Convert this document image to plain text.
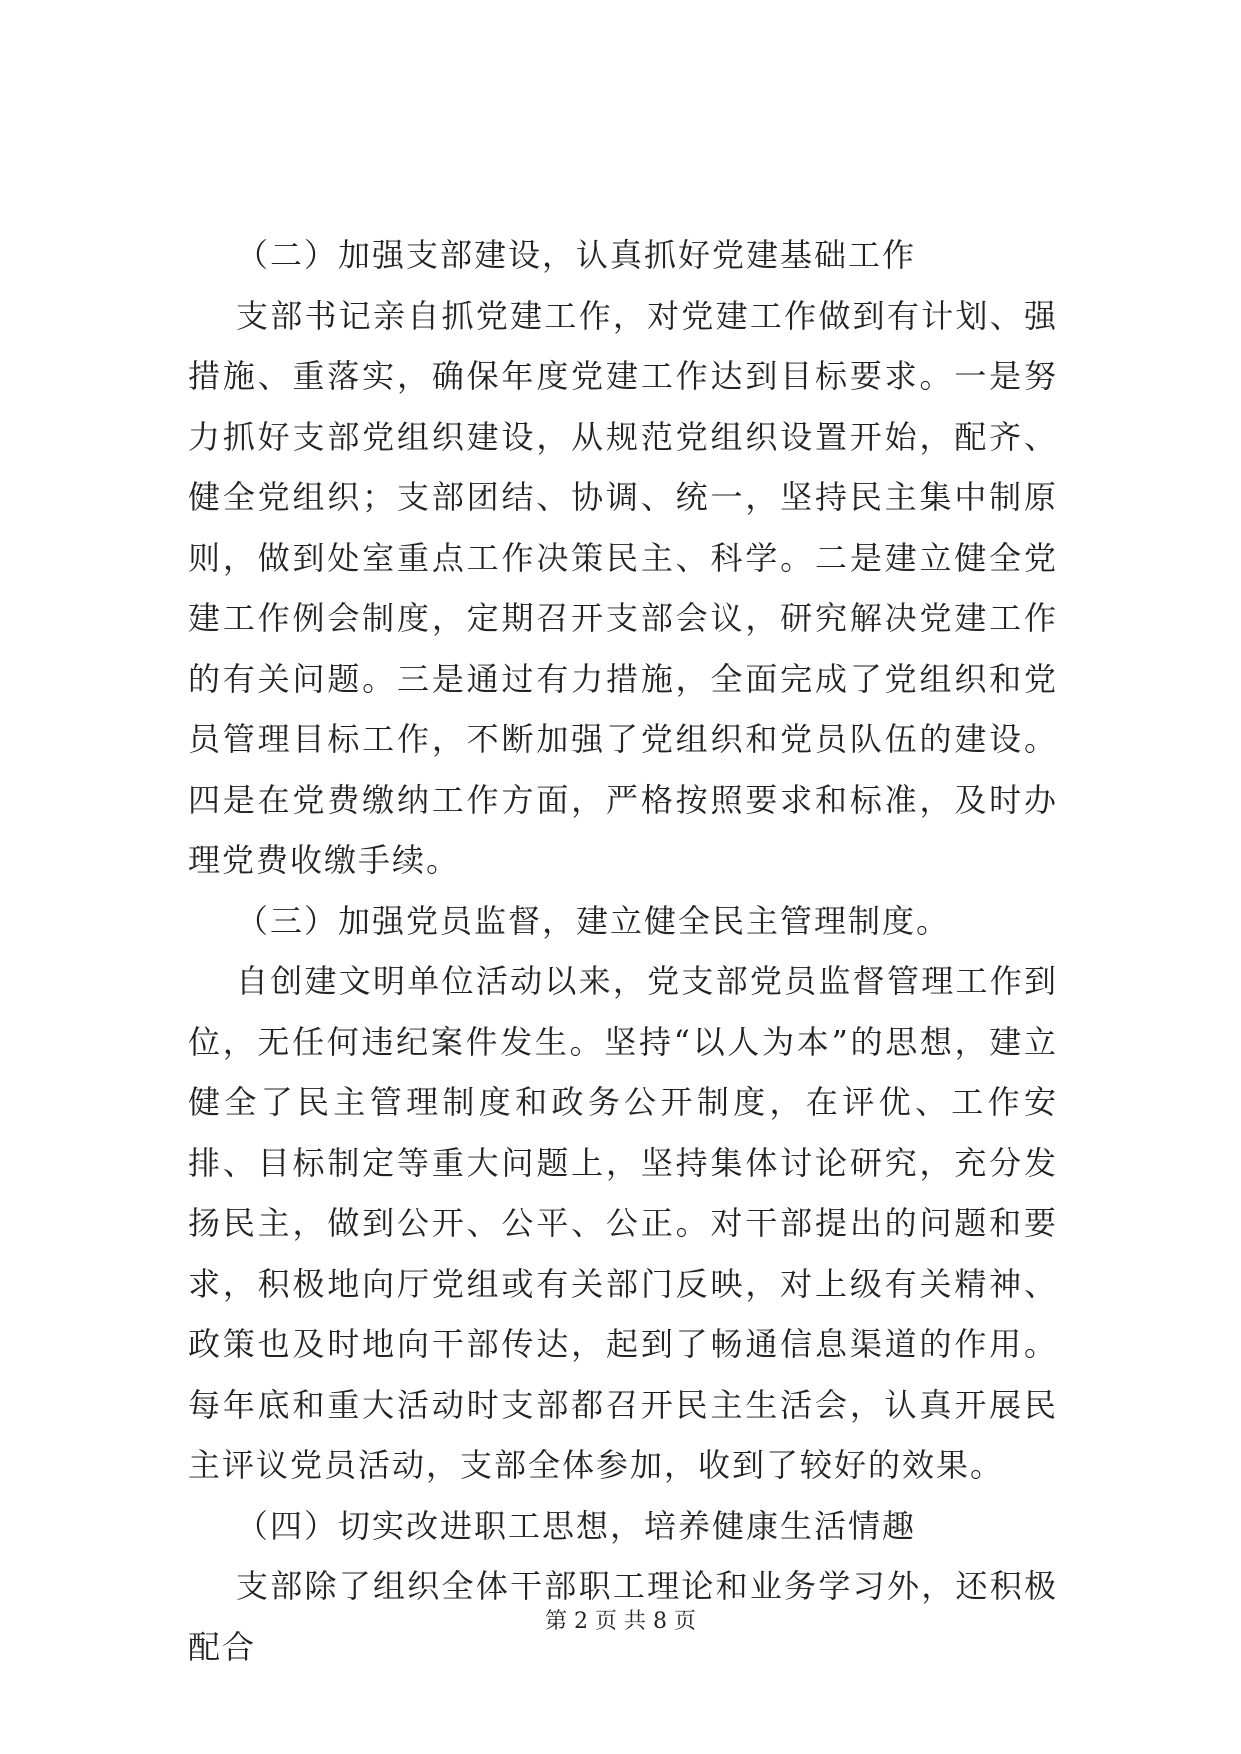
（二）加强支部建设，认真抓好党建基础工作

支部书记亲自抓党建工作，对党建工作做到有计划、强措施、重落实，确保年度党建工作达到目标要求。一是努力抓好支部党组织建设，从规范党组织设置开始，配齐、健全党组织；支部团结、协调、统一，坚持民主集中制原则，做到处室重点工作决策民主、科学。二是建立健全党建工作例会制度，定期召开支部会议，研究解决党建工作的有关问题。三是通过有力措施，全面完成了党组织和党员管理目标工作，不断加强了党组织和党员队伍的建设。四是在党费缴纳工作方面，严格按照要求和标准，及时办理党费收缴手续。

（三）加强党员监督，建立健全民主管理制度。

自创建文明单位活动以来，党支部党员监督管理工作到位，无任何违纪案件发生。坚持“以人为本”的思想，建立健全了民主管理制度和政务公开制度，在评优、工作安排、目标制定等重大问题上，坚持集体讨论研究，充分发扬民主，做到公开、公平、公正。对干部提出的问题和要求，积极地向厅党组或有关部门反映，对上级有关精神、政策也及时地向干部传达，起到了畅通信息渠道的作用。每年底和重大活动时支部都召开民主生活会，认真开展民主评议党员活动，支部全体参加，收到了较好的效果。

（四）切实改进职工思想，培养健康生活情趣

支部除了组织全体干部职工理论和业务学习外，还积极配合

第 2 页 共 8 页
